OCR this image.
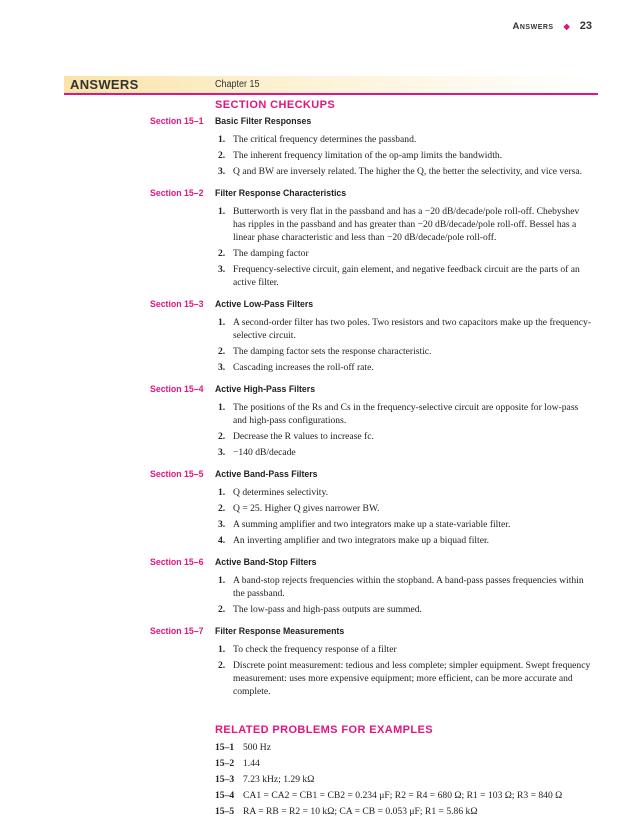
Answers ◆ 23
ANSWERS	Chapter 15
SECTION CHECKUPS
Section 15–1 Basic Filter Responses
1. The critical frequency determines the passband.
2. The inherent frequency limitation of the op-amp limits the bandwidth.
3. Q and BW are inversely related. The higher the Q, the better the selectivity, and vice versa.
Section 15–2 Filter Response Characteristics
1. Butterworth is very flat in the passband and has a −20 dB/decade/pole roll-off. Chebyshev has ripples in the passband and has greater than −20 dB/decade/pole roll-off. Bessel has a linear phase characteristic and less than −20 dB/decade/pole roll-off.
2. The damping factor
3. Frequency-selective circuit, gain element, and negative feedback circuit are the parts of an active filter.
Section 15–3 Active Low-Pass Filters
1. A second-order filter has two poles. Two resistors and two capacitors make up the frequency-selective circuit.
2. The damping factor sets the response characteristic.
3. Cascading increases the roll-off rate.
Section 15–4 Active High-Pass Filters
1. The positions of the Rs and Cs in the frequency-selective circuit are opposite for low-pass and high-pass configurations.
2. Decrease the R values to increase fc.
3. −140 dB/decade
Section 15–5 Active Band-Pass Filters
1. Q determines selectivity.
2. Q = 25. Higher Q gives narrower BW.
3. A summing amplifier and two integrators make up a state-variable filter.
4. An inverting amplifier and two integrators make up a biquad filter.
Section 15–6 Active Band-Stop Filters
1. A band-stop rejects frequencies within the stopband. A band-pass passes frequencies within the passband.
2. The low-pass and high-pass outputs are summed.
Section 15–7 Filter Response Measurements
1. To check the frequency response of a filter
2. Discrete point measurement: tedious and less complete; simpler equipment. Swept frequency measurement: uses more expensive equipment; more efficient, can be more accurate and complete.
RELATED PROBLEMS FOR EXAMPLES
15–1 500 Hz
15–2 1.44
15–3 7.23 kHz; 1.29 kΩ
15–4 CA1 = CA2 = CB1 = CB2 = 0.234 μF; R2 = R4 = 680 Ω; R1 = 103 Ω; R3 = 840 Ω
15–5 RA = RB = R2 = 10 kΩ; CA = CB = 0.053 μF; R1 = 5.86 kΩ
